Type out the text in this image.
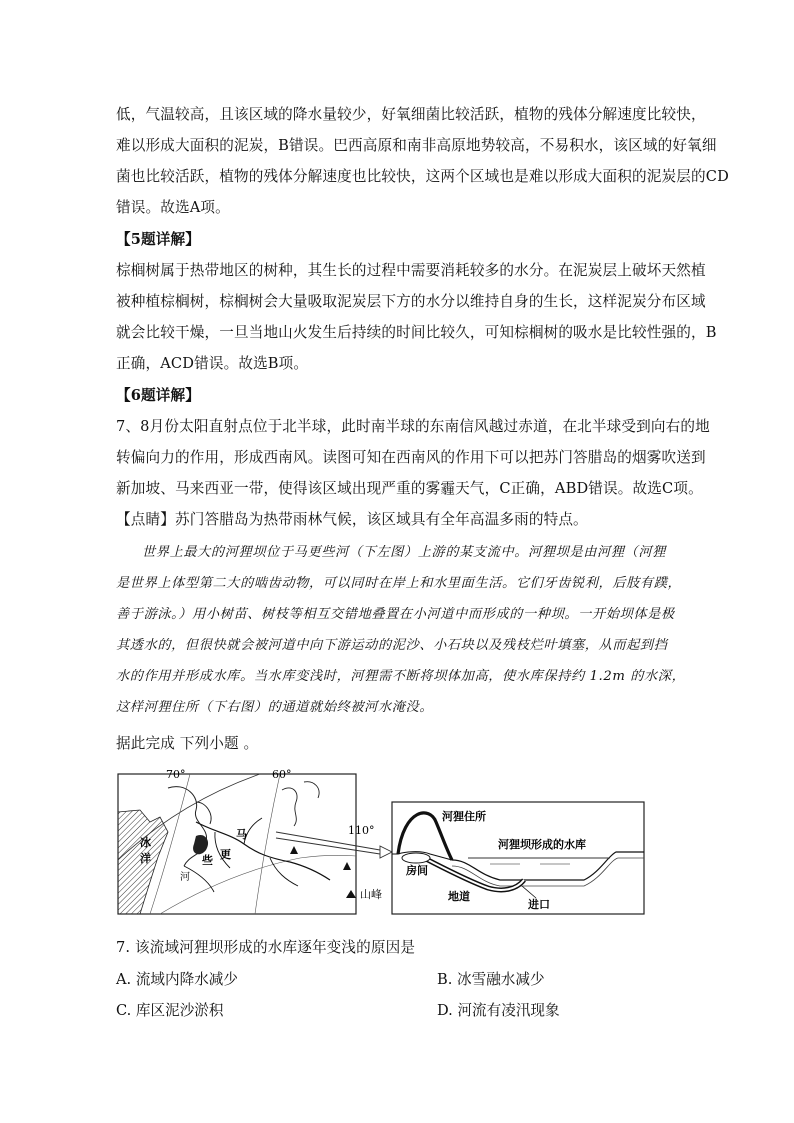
低，气温较高，且该区域的降水量较少，好氧细菌比较活跃，植物的残体分解速度比较快，
难以形成大面积的泥炭，B错误。巴西高原和南非高原地势较高，不易积水，该区域的好氧细
菌也比较活跃，植物的残体分解速度也比较快，这两个区域也是难以形成大面积的泥炭层的CD
错误。故选A项。
【5题详解】
棕榈树属于热带地区的树种，其生长的过程中需要消耗较多的水分。在泥炭层上破坏天然植
被种植棕榈树，棕榈树会大量吸取泥炭层下方的水分以维持自身的生长，这样泥炭分布区域
就会比较干燥，一旦当地山火发生后持续的时间比较久，可知棕榈树的吸水是比较性强的，B
正确，ACD错误。故选B项。
【6题详解】
7、8月份太阳直射点位于北半球，此时南半球的东南信风越过赤道，在北半球受到向右的地
转偏向力的作用，形成西南风。读图可知在西南风的作用下可以把苏门答腊岛的烟雾吹送到
新加坡、马来西亚一带，使得该区域出现严重的雾霾天气，C正确，ABD错误。故选C项。
【点睛】苏门答腊岛为热带雨林气候，该区域具有全年高温多雨的特点。
世界上最大的河狸坝位于马更些河（下左图）上游的某支流中。河狸坝是由河狸（河狸
是世界上体型第二大的啮齿动物，可以同时在岸上和水里面生活。它们牙齿锐利，后肢有蹼，
善于游泳。）用小树苗、树枝等相互交错地叠置在小河道中而形成的一种坝。一开始坝体是极
其透水的，但很快就会被河道中向下游运动的泥沙、小石块以及残枝烂叶填塞，从而起到挡
水的作用并形成水库。当水库变浅时，河狸需不断将坝体加高，使水库保持约 1.2m 的水深，
这样河狸住所（下右图）的通道就始终被河水淹没。
据此完成 下列小题 。
70°	60°
马
些 更
河
冰
洋
山峰
110°
河狸住所
河狸坝形成的水库
房间
地道
进口
7. 该流域河狸坝形成的水库逐年变浅的原因是
A. 流域内降水减少	B. 冰雪融水减少
C. 库区泥沙淤积	D. 河流有凌汛现象
